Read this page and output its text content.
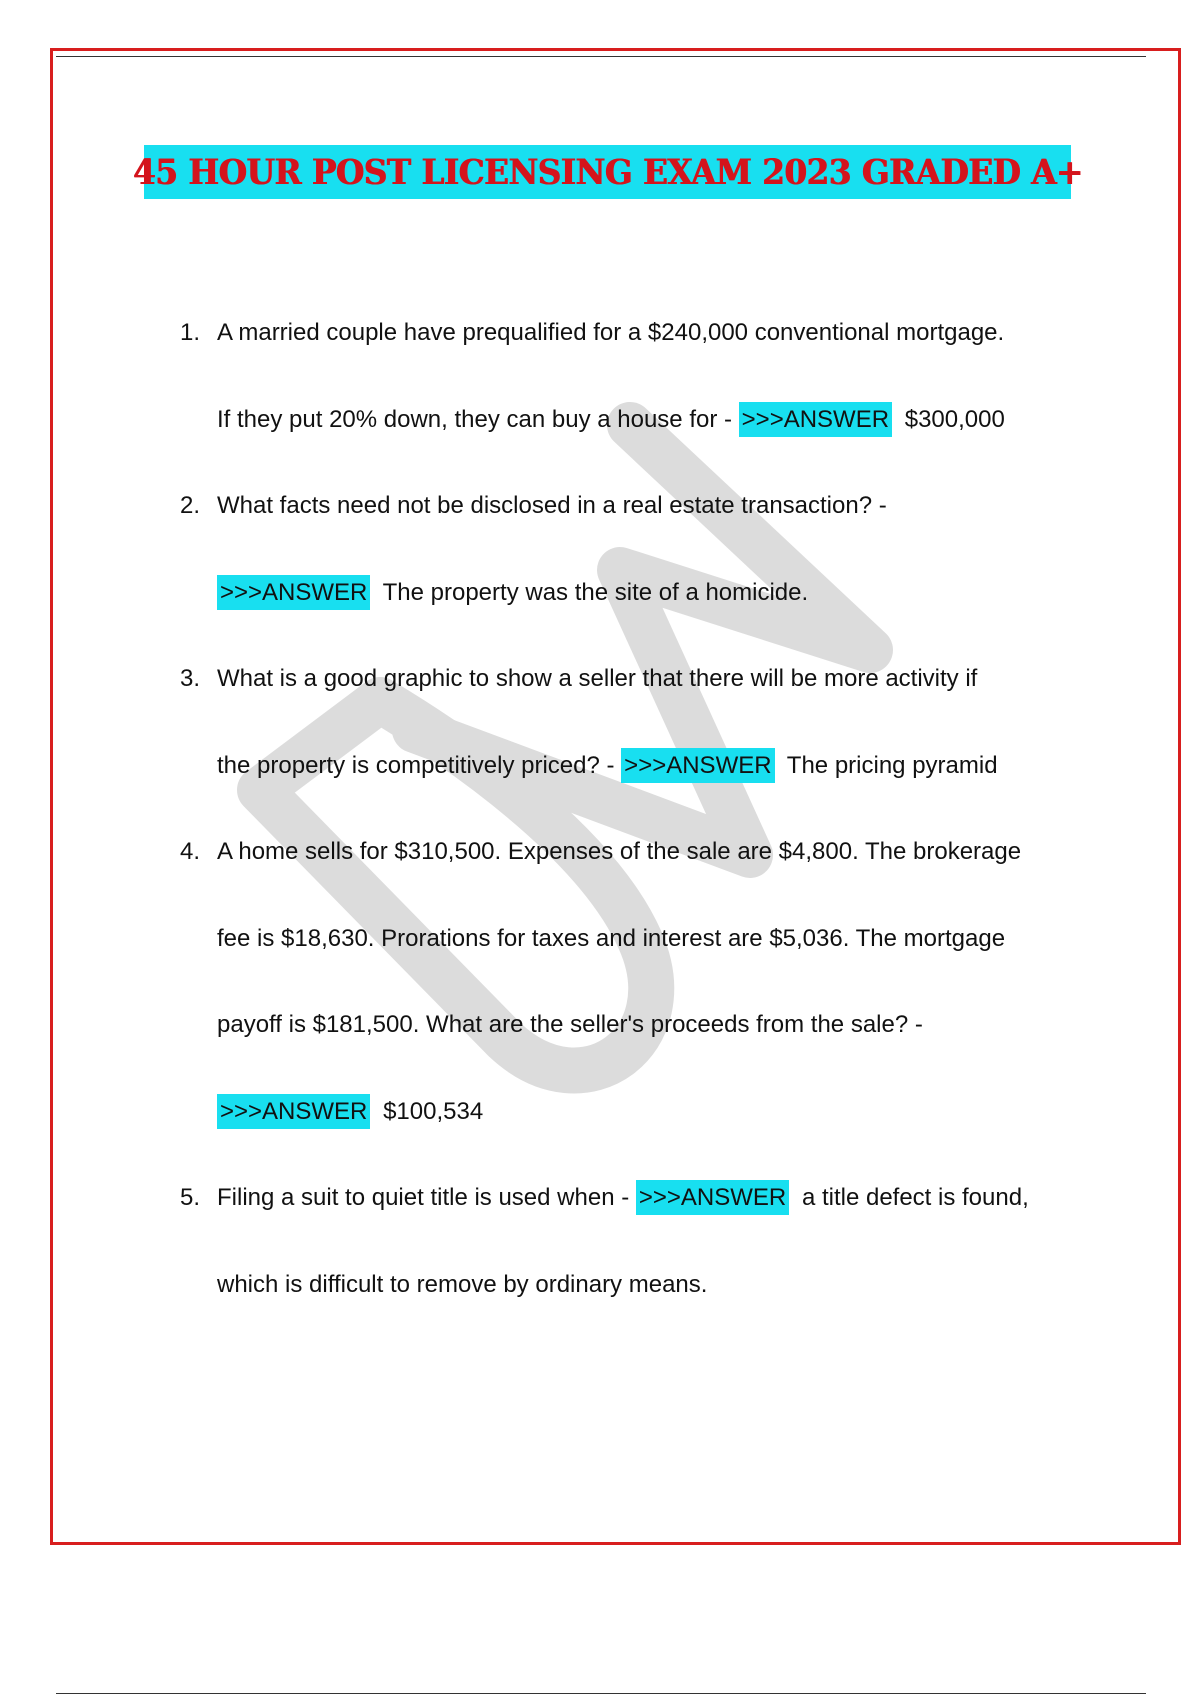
45 HOUR POST LICENSING EXAM 2023 GRADED A+
1. A married couple have prequalified for a $240,000 conventional mortgage.
If they put 20% down, they can buy a house for - >>>ANSWER $300,000
2. What facts need not be disclosed in a real estate transaction? -
>>>ANSWER The property was the site of a homicide.
3. What is a good graphic to show a seller that there will be more activity if
the property is competitively priced? - >>>ANSWER The pricing pyramid
4. A home sells for $310,500. Expenses of the sale are $4,800. The brokerage
fee is $18,630. Prorations for taxes and interest are $5,036. The mortgage
payoff is $181,500. What are the seller's proceeds from the sale? -
>>>ANSWER $100,534
5. Filing a suit to quiet title is used when - >>>ANSWER a title defect is found,
which is difficult to remove by ordinary means.
